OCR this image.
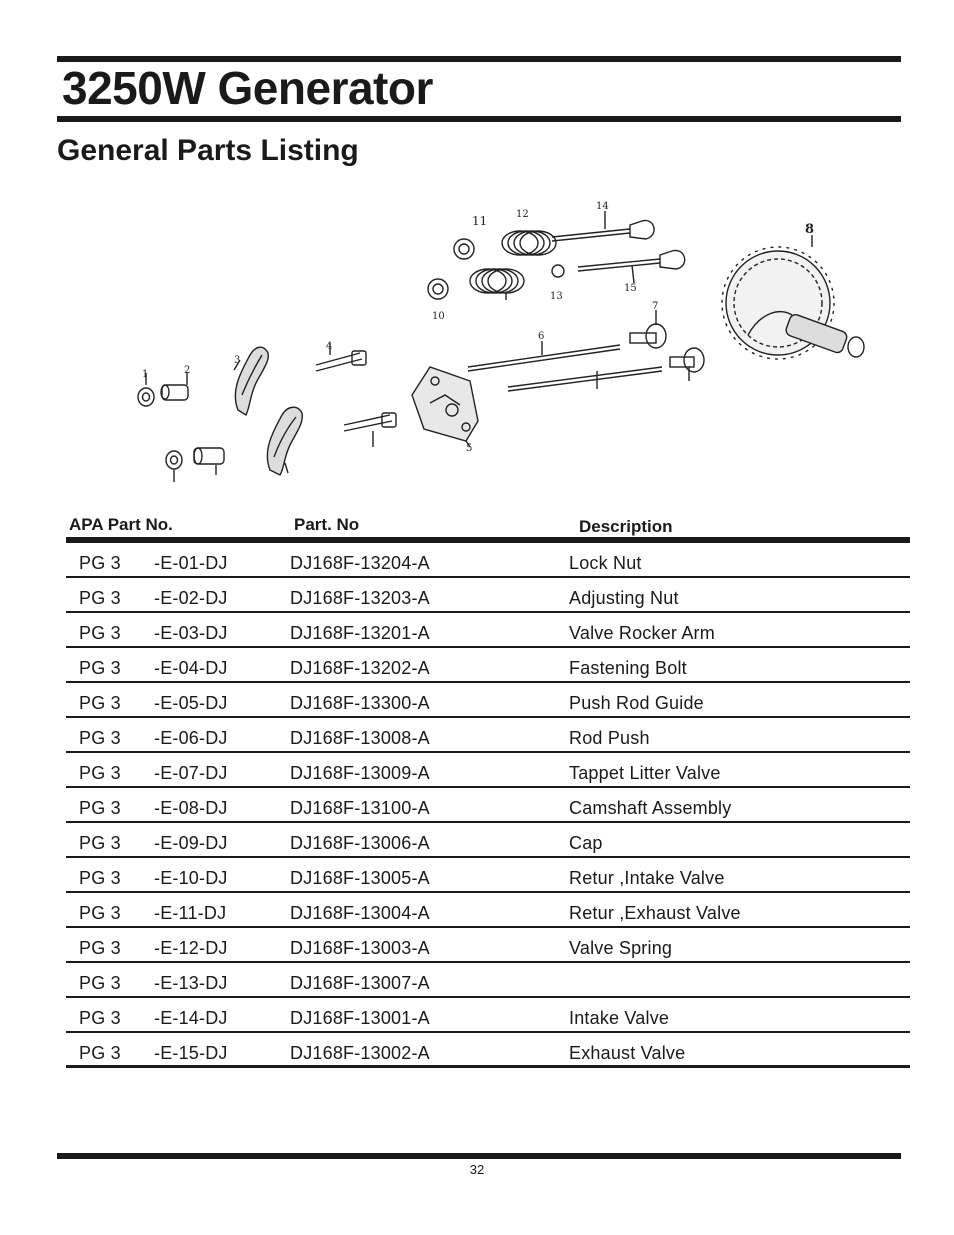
3250W Generator
General Parts Listing
1	2
3
4
5
6
7
8
10
11	12
13
14
15
APA Part No.	Part. No	Description
PG 3 -E-01-DJ	DJ168F-13204-A	Lock Nut
PG 3 -E-02-DJ	DJ168F-13203-A	Adjusting Nut
PG 3 -E-03-DJ	DJ168F-13201-A	Valve Rocker Arm
PG 3 -E-04-DJ	DJ168F-13202-A	Fastening Bolt
PG 3 -E-05-DJ	DJ168F-13300-A	Push Rod Guide
PG 3 -E-06-DJ	DJ168F-13008-A	Rod Push
PG 3 -E-07-DJ	DJ168F-13009-A	Tappet Litter Valve
PG 3 -E-08-DJ	DJ168F-13100-A	Camshaft Assembly
PG 3 -E-09-DJ	DJ168F-13006-A	Cap
PG 3 -E-10-DJ	DJ168F-13005-A	Retur ,Intake Valve
PG 3 -E-11-DJ	DJ168F-13004-A	Retur ,Exhaust Valve
PG 3 -E-12-DJ	DJ168F-13003-A	Valve Spring
PG 3 -E-13-DJ	DJ168F-13007-A
PG 3 -E-14-DJ	DJ168F-13001-A	Intake Valve
PG 3 -E-15-DJ	DJ168F-13002-A	Exhaust Valve
32
